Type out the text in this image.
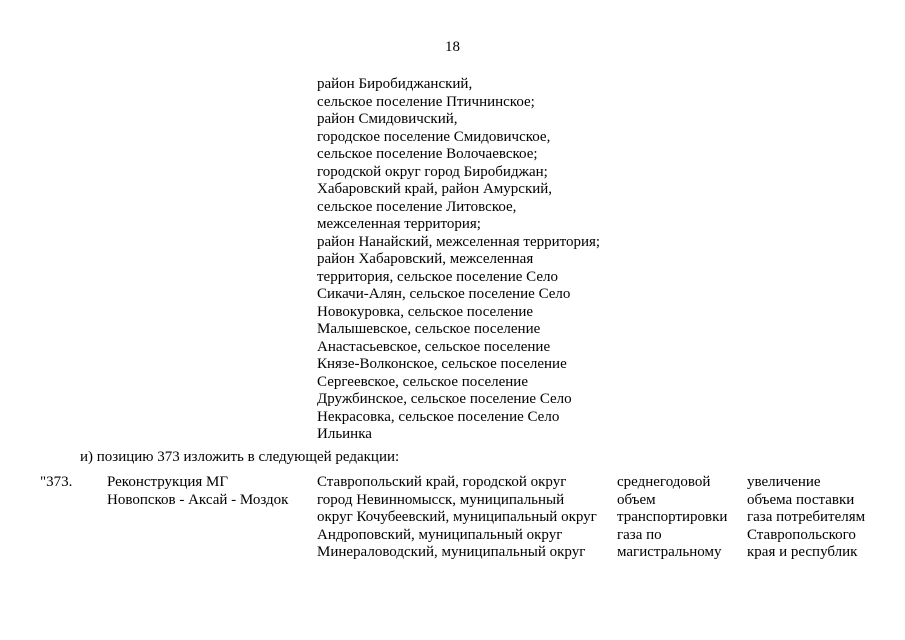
18
район Биробиджанский,
сельское поселение Птичнинское;
район Смидовичский,
городское поселение Смидовичское,
сельское поселение Волочаевское;
городской округ город Биробиджан;
Хабаровский край, район Амурский,
сельское поселение Литовское,
межселенная территория;
район Нанайский, межселенная территория;
район Хабаровский, межселенная
территория, сельское поселение Село
Сикачи-Алян, сельское поселение Село
Новокуровка, сельское поселение
Малышевское, сельское поселение
Анастасьевское, сельское поселение
Князе-Волконское, сельское поселение
Сергеевское, сельское поселение
Дружбинское, сельское поселение Село
Некрасовка, сельское поселение Село
Ильинка
и) позицию 373 изложить в следующей редакции:
"373. Реконструкция МГ
Новопсков - Аксай - Моздок
Ставропольский край, городской округ
город Невинномысск, муниципальный
округ Кочубеевский, муниципальный округ
Андроповский, муниципальный округ
Минераловодский, муниципальный округ
среднегодовой
объем
транспортировки
газа по
магистральному
увеличение
объема поставки
газа потребителям
Ставропольского
края и республик
